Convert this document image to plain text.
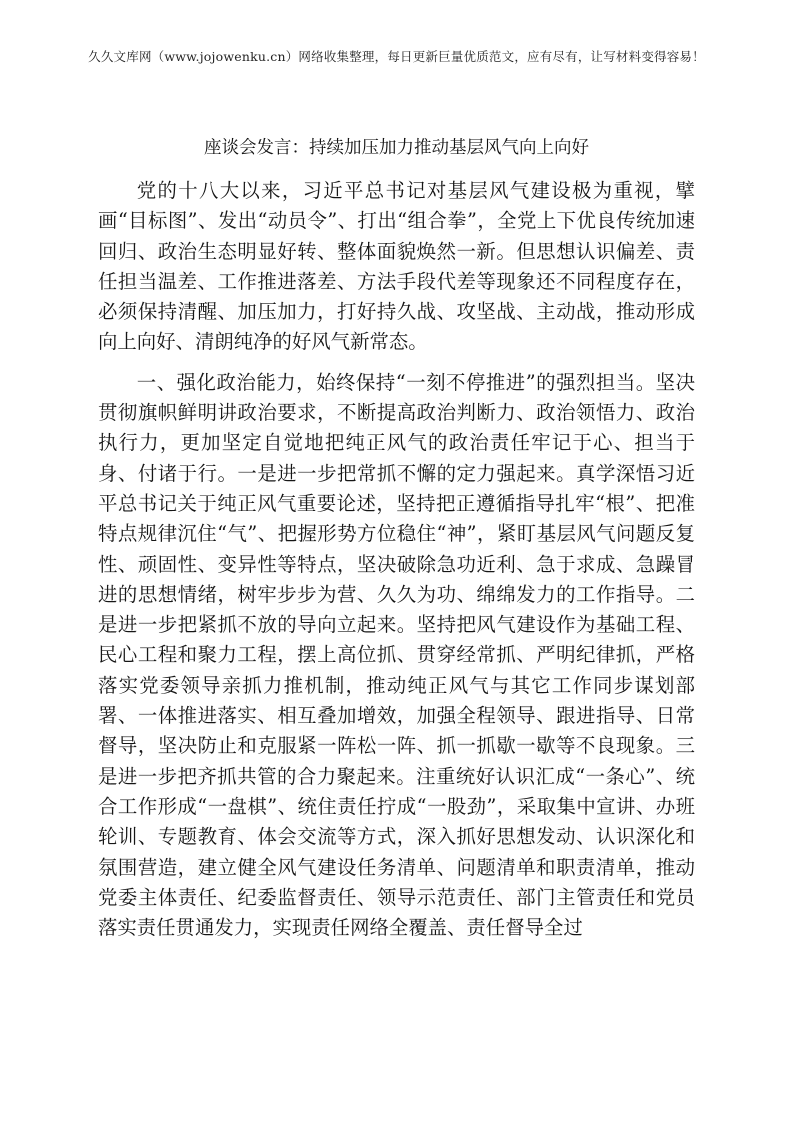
久久文库网（www.jojowenku.cn）网络收集整理，每日更新巨量优质范文，应有尽有，让写材料变得容易！
座谈会发言：持续加压加力推动基层风气向上向好

党的十八大以来，习近平总书记对基层风气建设极为重视，擘画“目标图”、发出“动员令”、打出“组合拳”，全党上下优良传统加速回归、政治生态明显好转、整体面貌焕然一新。但思想认识偏差、责任担当温差、工作推进落差、方法手段代差等现象还不同程度存在，必须保持清醒、加压加力，打好持久战、攻坚战、主动战，推动形成向上向好、清朗纯净的好风气新常态。

一、强化政治能力，始终保持“一刻不停推进”的强烈担当。坚决贯彻旗帜鲜明讲政治要求，不断提高政治判断力、政治领悟力、政治执行力，更加坚定自觉地把纯正风气的政治责任牢记于心、担当于身、付诸于行。一是进一步把常抓不懈的定力强起来。真学深悟习近平总书记关于纯正风气重要论述，坚持把正遵循指导扎牢“根”、把准特点规律沉住“气”、把握形势方位稳住“神”，紧盯基层风气问题反复性、顽固性、变异性等特点，坚决破除急功近利、急于求成、急躁冒进的思想情绪，树牢步步为营、久久为功、绵绵发力的工作指导。二是进一步把紧抓不放的导向立起来。坚持把风气建设作为基础工程、民心工程和聚力工程，摆上高位抓、贯穿经常抓、严明纪律抓，严格落实党委领导亲抓力推机制，推动纯正风气与其它工作同步谋划部署、一体推进落实、相互叠加增效，加强全程领导、跟进指导、日常督导，坚决防止和克服紧一阵松一阵、抓一抓歇一歇等不良现象。三是进一步把齐抓共管的合力聚起来。注重统好认识汇成“一条心”、统合工作形成“一盘棋”、统住责任拧成“一股劲”，采取集中宣讲、办班轮训、专题教育、体会交流等方式，深入抓好思想发动、认识深化和氛围营造，建立健全风气建设任务清单、问题清单和职责清单，推动党委主体责任、纪委监督责任、领导示范责任、部门主管责任和党员落实责任贯通发力，实现责任网络全覆盖、责任督导全过
